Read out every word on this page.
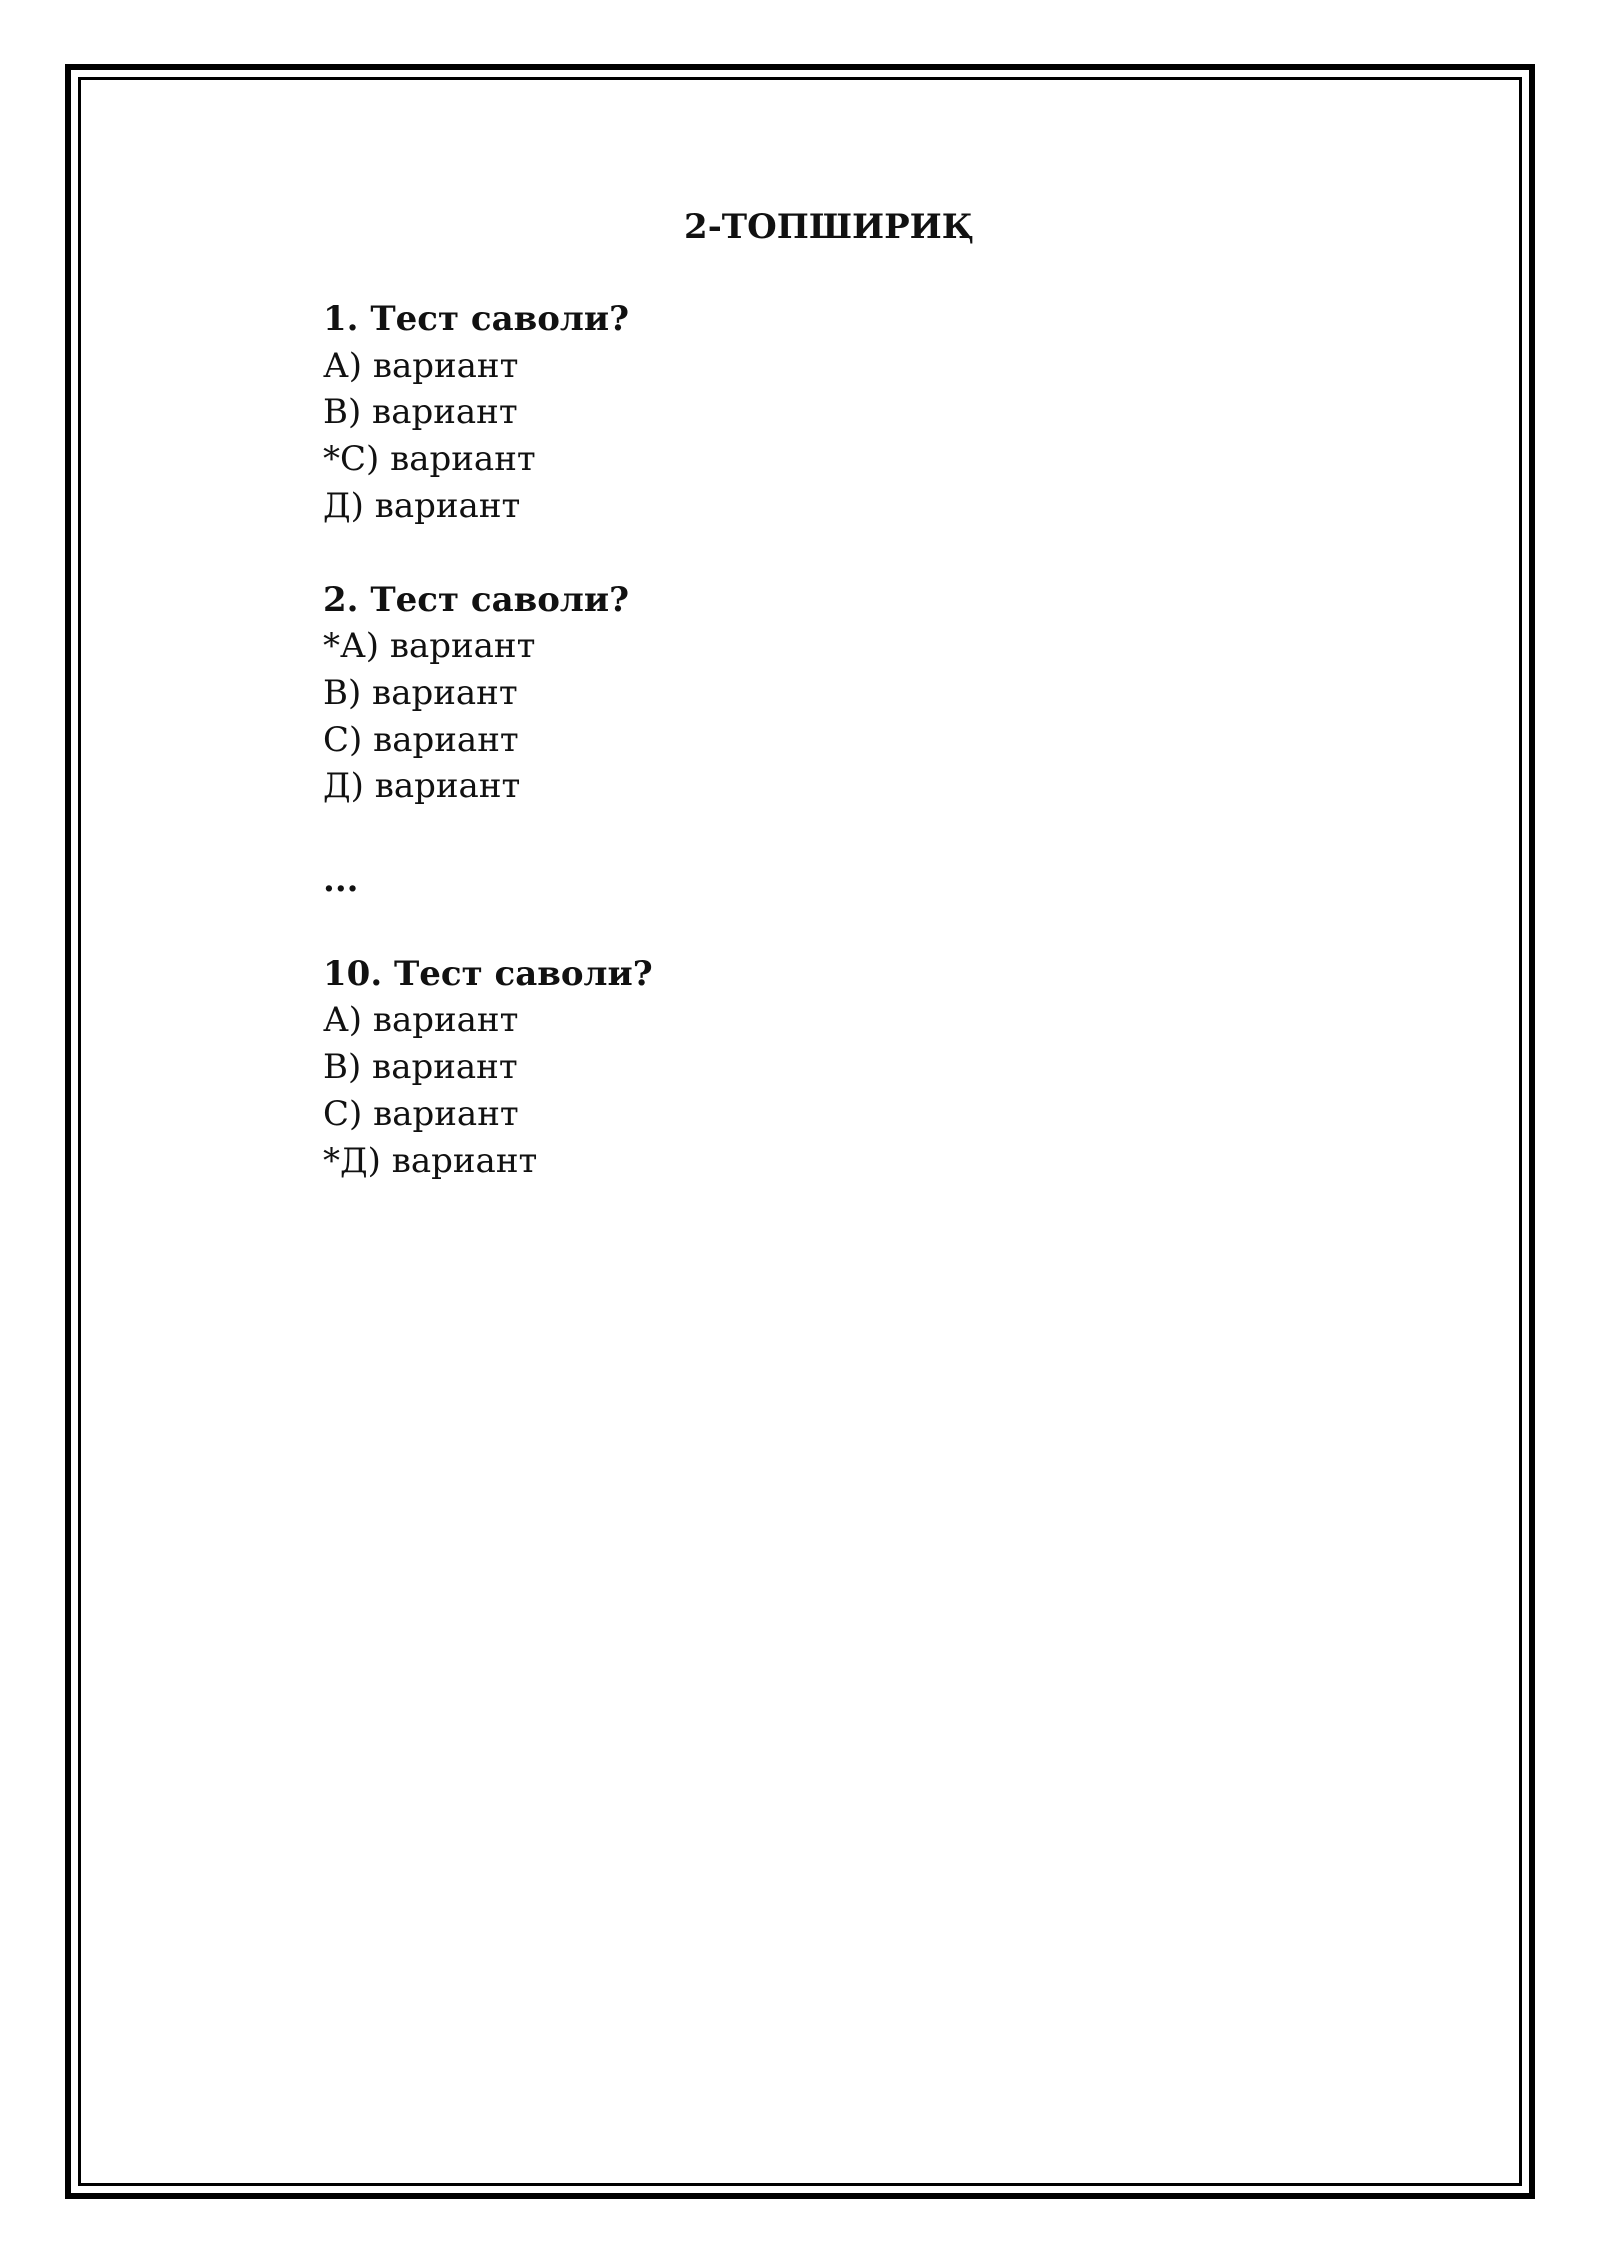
2-ТОПШИРИҚ

1. Тест саволи?

А) вариант

В) вариант

*С) вариант

Д) вариант

2. Тест саволи?

*А) вариант

В) вариант

С) вариант

Д) вариант

...

10. Тест саволи?

А) вариант

В) вариант

С) вариант

*Д) вариант
